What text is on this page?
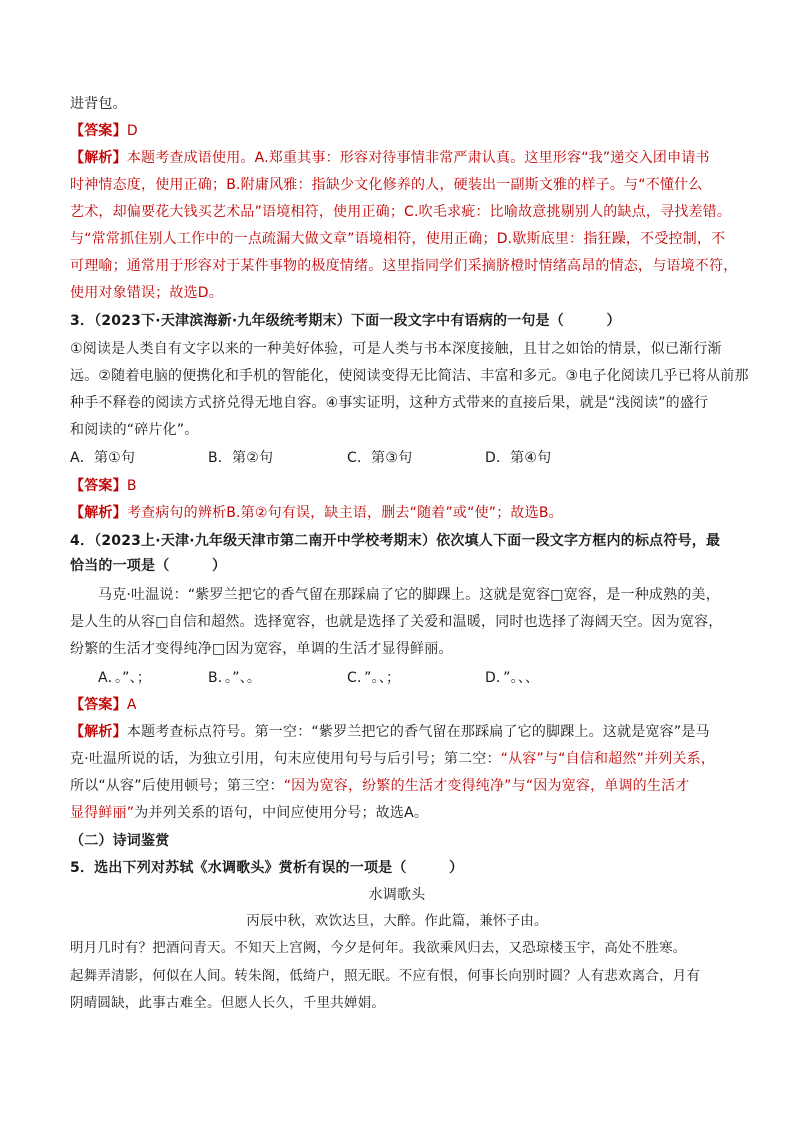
进背包。
【答案】D
【解析】本题考查成语使用。A.郑重其事：形容对待事情非常严肃认真。这里形容“我”递交入团申请书
时神情态度，使用正确；B.附庸风雅：指缺少文化修养的人，硬装出一副斯文雅的样子。与“不懂什么
艺术，却偏要花大钱买艺术品”语境相符，使用正确；C.吹毛求疵：比喻故意挑剔别人的缺点，寻找差错。
与“常常抓住别人工作中的一点疏漏大做文章”语境相符，使用正确；D.歇斯底里：指狂躁，不受控制，不
可理喻；通常用于形容对于某件事物的极度情绪。这里指同学们采摘脐橙时情绪高昂的情态，与语境不符，
使用对象错误；故选D。
3．（2023下·天津滨海新·九年级统考期末）下面一段文字中有语病的一句是（　　　）
①阅读是人类自有文字以来的一种美好体验，可是人类与书本深度接触，且甘之如饴的情景，似已渐行渐
远。②随着电脑的便携化和手机的智能化，使阅读变得无比简洁、丰富和多元。③电子化阅读几乎已将从前那
种手不释卷的阅读方式挤兑得无地自容。④事实证明，这种方式带来的直接后果，就是“浅阅读”的盛行
和阅读的“碎片化”。
A．第①句	B．第②句	C．第③句	D．第④句
【答案】B
【解析】考查病句的辨析B.第②句有误，缺主语，删去“随着”或“使”；故选B。
4．（2023上·天津·九年级天津市第二南开中学校考期末）依次填人下面一段文字方框内的标点符号，最
恰当的一项是（　　　）
马克·吐温说：“紫罗兰把它的香气留在那踩扁了它的脚踝上。这就是宽容□宽容，是一种成熟的美，
是人生的从容□自信和超然。选择宽容，也就是选择了关爱和温暖，同时也选择了海阔天空。因为宽容，
纷繁的生活才变得纯净□因为宽容，单调的生活才显得鲜丽。
A．。”、；	B．。”、。	C．”。、；	D．”。、、
【答案】A
【解析】本题考查标点符号。第一空：“紫罗兰把它的香气留在那踩扁了它的脚踝上。这就是宽容”是马
克·吐温所说的话，为独立引用，句末应使用句号与后引号；第二空：“从容”与“自信和超然”并列关系，
所以“从容”后使用顿号；第三空：“因为宽容，纷繁的生活才变得纯净”与“因为宽容，单调的生活才
显得鲜丽”为并列关系的语句，中间应使用分号；故选A。
（二）诗词鉴赏
5．选出下列对苏轼《水调歌头》赏析有误的一项是（　　　）
水调歌头
丙辰中秋，欢饮达旦，大醉。作此篇，兼怀子由。
明月几时有？把酒问青天。不知天上宫阙，今夕是何年。我欲乘风归去，又恐琼楼玉宇，高处不胜寒。
起舞弄清影，何似在人间。转朱阁，低绮户，照无眠。不应有恨，何事长向别时圆？人有悲欢离合，月有
阴晴圆缺，此事古难全。但愿人长久，千里共婵娟。
